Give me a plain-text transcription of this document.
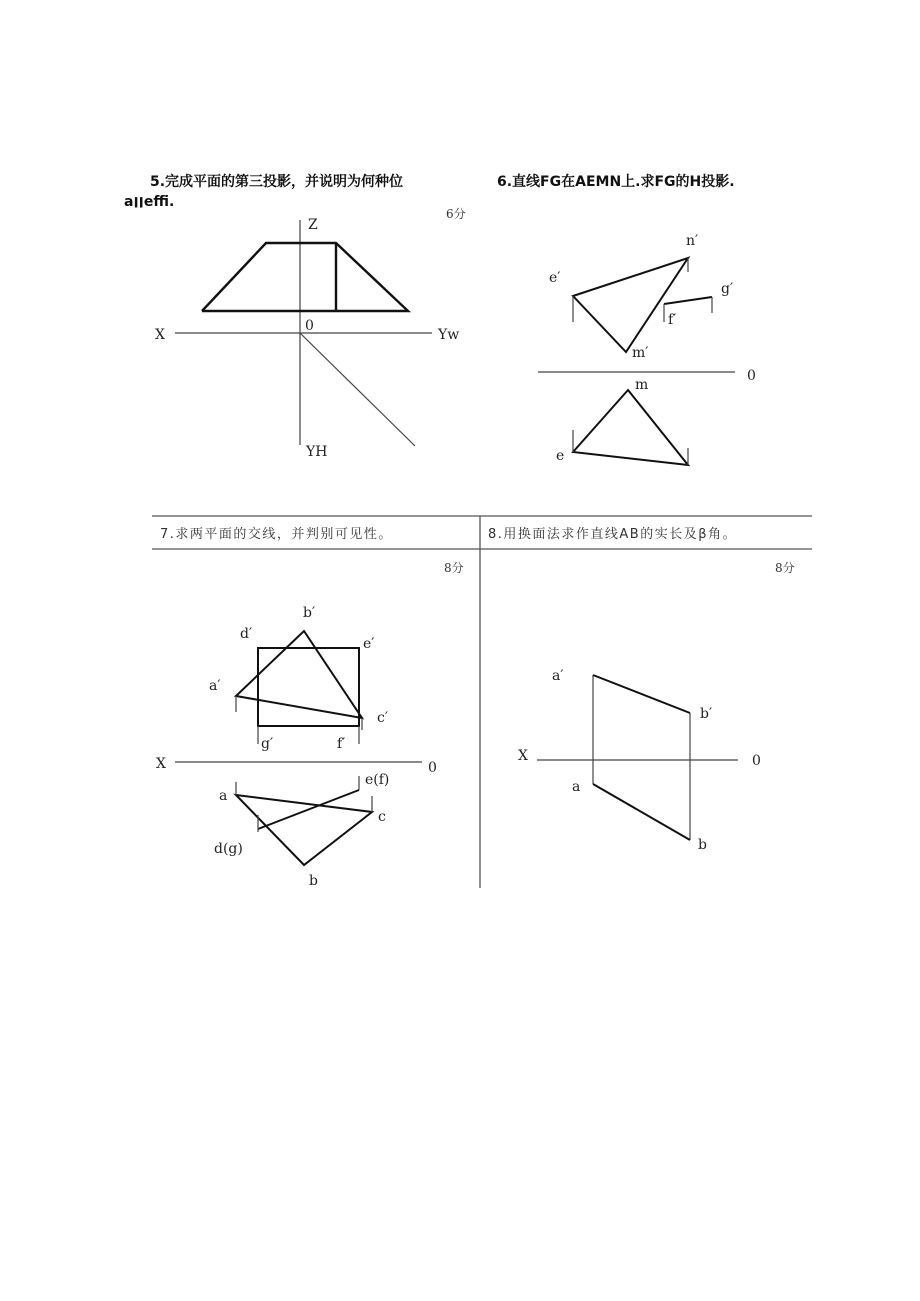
5.完成平面的第三投影，并说明为何种位
a׀׀effi.
6分
Z
X
0
Yw
YH
6.直线FG在AEMN上.求FG的H投影.
n′
e′
g′
f′
m′
0
m
e
7.求两平面的交线，并判别可见性。
8分
b′
d′
e′
a′
c′
g′	f′
X	0
e(f)
a
c
d(g)
b
8.用换面法求作直线AB的实长及β角。
8分
a′
b′
X	0
a
b
